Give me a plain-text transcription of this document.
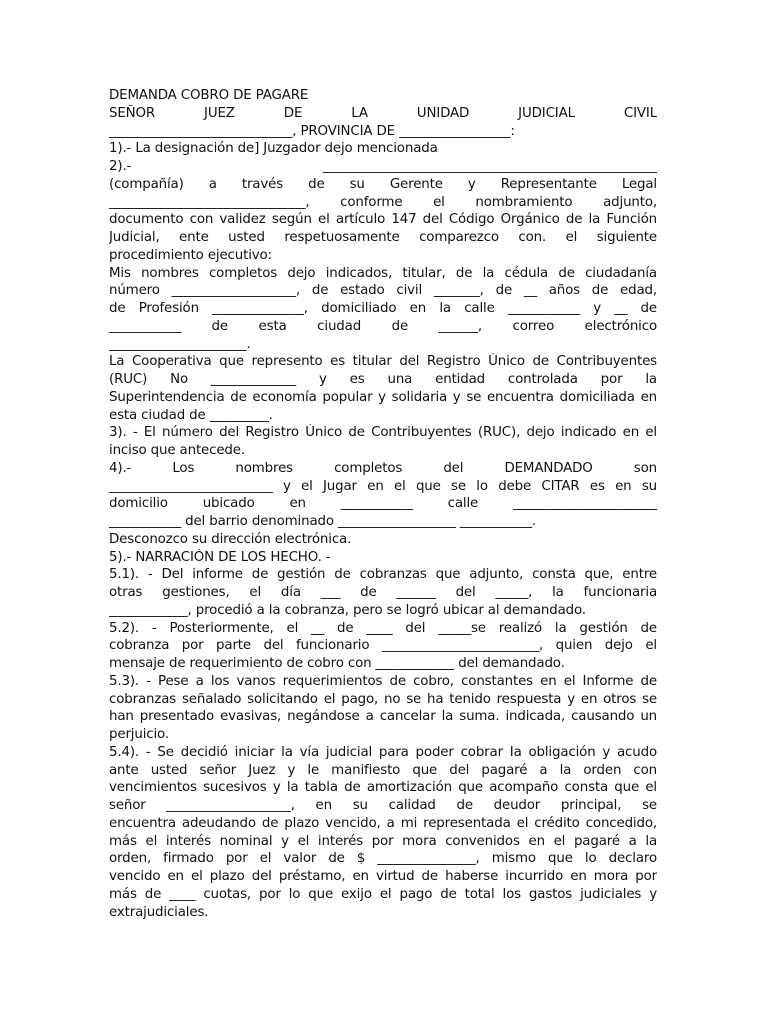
DEMANDA COBRO DE PAGARE
SEÑOR JUEZ DE LA UNIDAD JUDICIAL CIVIL
____________________________, PROVINCIA DE _________________:
1).- La designación de] Juzgador dejo mencionada
2).- ___________________________________________________
(compañía) a través de su Gerente y Representante Legal
______________________________, conforme el nombramiento adjunto,
documento con validez según el artículo 147 del Código Orgánico de la Función
Judicial, ente usted respetuosamente comparezco con. el siguiente
procedimiento ejecutivo:
Mis nombres completos dejo indicados, titular, de la cédula de ciudadanía
número ___________________, de estado civil _______, de __ años de edad,
de Profesión ______________, domiciliado en la calle ___________ y __ de
___________ de esta ciudad de ______, correo electrónico
_____________________.
La Cooperativa que represento es titular del Registro Único de Contribuyentes
(RUC) No _____________ y es una entidad controlada por la
Superintendencia de economía popular y solidaria y se encuentra domiciliada en
esta ciudad de _________.
3). - El número del Registro Único de Contribuyentes (RUC), dejo indicado en el
inciso que antecede.
4).- Los nombres completos del DEMANDADO son
_________________________ y el Jugar en el que se lo debe CITAR es en su
domicilio ubicado en ___________ calle ______________________
___________ del barrio denominado __________________ ___________.
Desconozco su dirección electrónica.
5).- NARRACIÓN DE LOS HECHO. -
5.1). - Del informe de gestión de cobranzas que adjunto, consta que, entre
otras gestiones, el día ___ de ______ del _____, la funcionaria
____________, procedió a la cobranza, pero se logró ubicar al demandado.
5.2). - Posteriormente, el __ de ____ del _____se realizó la gestión de
cobranza por parte del funcionario ________________________, quien dejo el
mensaje de requerimiento de cobro con ____________ del demandado.
5.3). - Pese a los vanos requerimientos de cobro, constantes en el Informe de
cobranzas señalado solicitando el pago, no se ha tenido respuesta y en otros se
han presentado evasivas, negándose a cancelar la suma. indicada, causando un
perjuicio.
5.4). - Se decidió iniciar la vía judicial para poder cobrar Ia obligación y acudo
ante usted señor Juez y le manifiesto que del pagaré a la orden con
vencimientos sucesivos y la tabla de amortización que acompaño consta que el
señor ___________________, en su calidad de deudor principal, se
encuentra adeudando de plazo vencido, a mi representada el crédito concedido,
más el interés nominal y el interés por mora convenidos en el pagaré a la
orden, firmado por el valor de $ _______________, mismo que lo declaro
vencido en el plazo del préstamo, en virtud de haberse incurrido en mora por
más de ____ cuotas, por lo que exijo el pago de total los gastos judiciales y
extrajudiciales.
